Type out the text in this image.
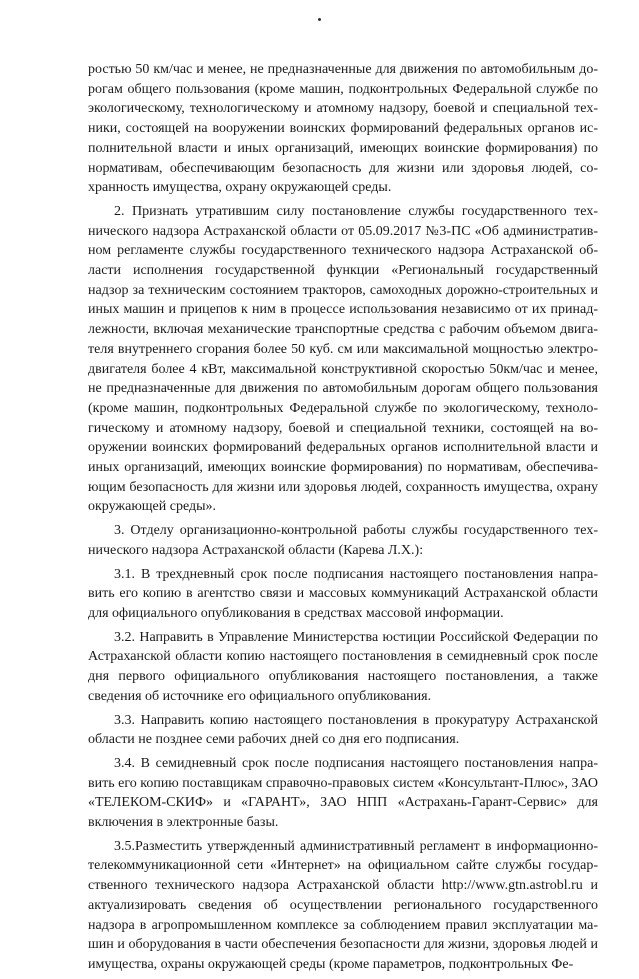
ростью 50 км/час и менее, не предназначенные для движения по автомобильным дорогам общего пользования (кроме машин, подконтрольных Федеральной службе по экологическому, технологическому и атомному надзору, боевой и специальной техники, состоящей на вооружении воинских формирований федеральных органов исполнительной власти и иных организаций, имеющих воинские формирования) по нормативам, обеспечивающим безопасность для жизни или здоровья людей, сохранность имущества, охрану окружающей среды.

2. Признать утратившим силу постановление службы государственного технического надзора Астраханской области от 05.09.2017 №3-ПС «Об административном регламенте службы государственного технического надзора Астраханской области исполнения государственной функции «Региональный государственный надзор за техническим состоянием тракторов, самоходных дорожно-строительных и иных машин и прицепов к ним в процессе использования независимо от их принадлежности, включая механические транспортные средства с рабочим объемом двигателя внутреннего сгорания более 50 куб. см или максимальной мощностью электродвигателя более 4 кВт, максимальной конструктивной скоростью 50км/час и менее, не предназначенные для движения по автомобильным дорогам общего пользования (кроме машин, подконтрольных Федеральной службе по экологическому, технологическому и атомному надзору, боевой и специальной техники, состоящей на вооружении воинских формирований федеральных органов исполнительной власти и иных организаций, имеющих воинские формирования) по нормативам, обеспечивающим безопасность для жизни или здоровья людей, сохранность имущества, охрану окружающей среды».

3. Отделу организационно-контрольной работы службы государственного технического надзора Астраханской области (Карева Л.Х.):

3.1. В трехдневный срок после подписания настоящего постановления направить его копию в агентство связи и массовых коммуникаций Астраханской области для официального опубликования в средствах массовой информации.

3.2. Направить в Управление Министерства юстиции Российской Федерации по Астраханской области копию настоящего постановления в семидневный срок после дня первого официального опубликования настоящего постановления, а также сведения об источнике его официального опубликования.

3.3. Направить копию настоящего постановления в прокуратуру Астраханской области не позднее семи рабочих дней со дня его подписания.

3.4. В семидневный срок после подписания настоящего постановления направить его копию поставщикам справочно-правовых систем «Консультант-Плюс», ЗАО «ТЕЛЕКОМ-СКИФ» и «ГАРАНТ», ЗАО НПП «Астрахань-Гарант-Сервис» для включения в электронные базы.

3.5.Разместить утвержденный административный регламент в информационно-телекоммуникационной сети «Интернет» на официальном сайте службы государственного технического надзора Астраханской области http://www.gtn.astrobl.ru и актуализировать сведения об осуществлении регионального государственного надзора в агропромышленном комплексе за соблюдением правил эксплуатации машин и оборудования в части обеспечения безопасности для жизни, здоровья людей и имущества, охраны окружающей среды (кроме параметров, подконтрольных Фе-
